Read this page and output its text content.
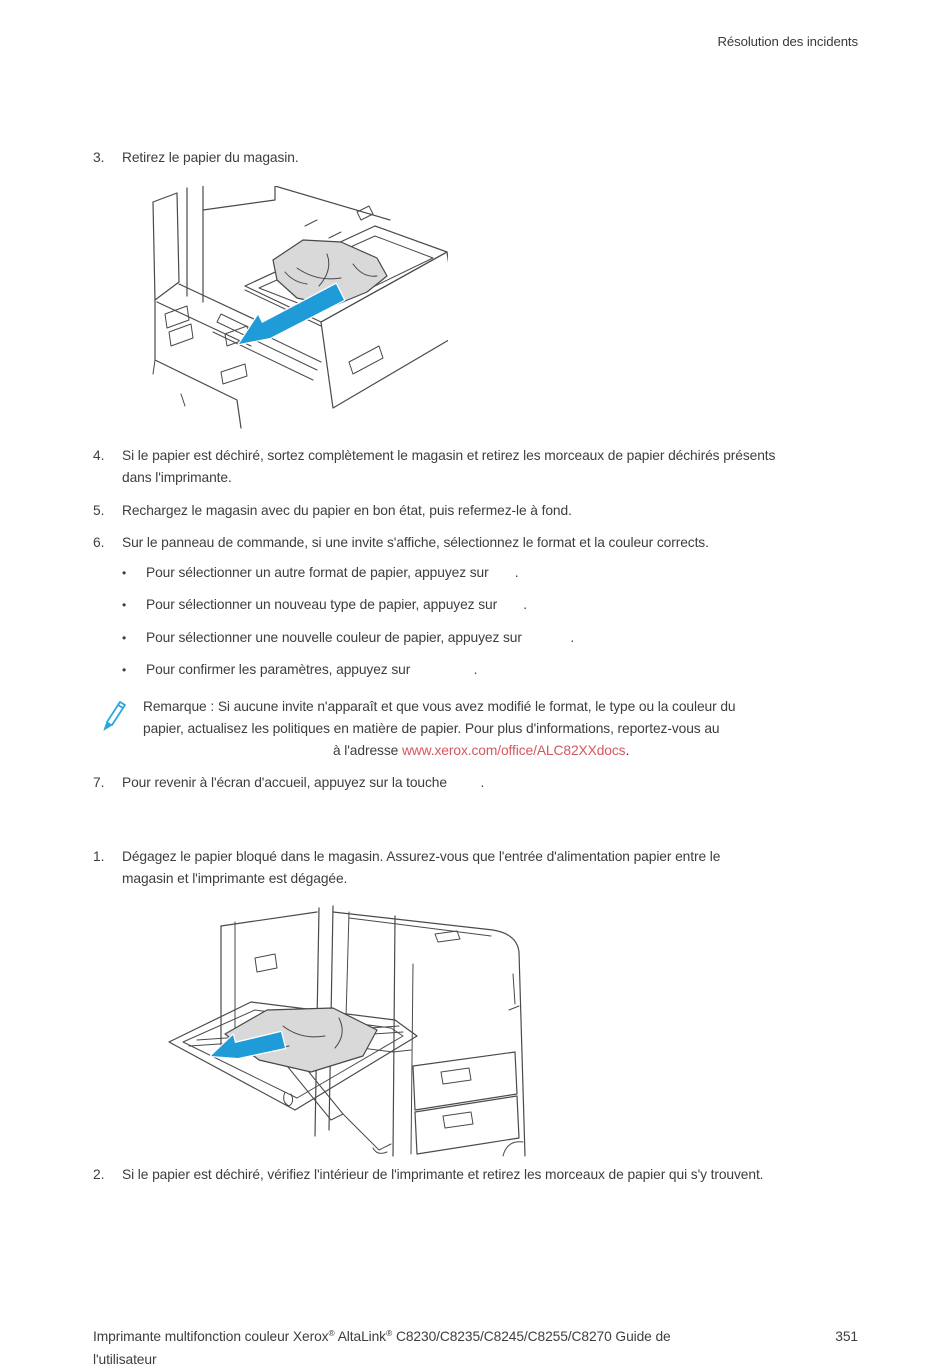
Résolution des incidents
3.	Retirez le papier du magasin.
4.	Si le papier est déchiré, sortez complètement le magasin et retirez les morceaux de papier déchirés présents
dans l'imprimante.
5.	Rechargez le magasin avec du papier en bon état, puis refermez-le à fond.
6.	Sur le panneau de commande, si une invite s'affiche, sélectionnez le format et la couleur corrects.
•	Pour sélectionner un autre format de papier, appuyez sur       .
•	Pour sélectionner un nouveau type de papier, appuyez sur       .
•	Pour sélectionner une nouvelle couleur de papier, appuyez sur             .
•	Pour confirmer les paramètres, appuyez sur                 .
Remarque : Si aucune invite n'apparaît et que vous avez modifié le format, le type ou la couleur du
papier, actualisez les politiques en matière de papier. Pour plus d'informations, reportez-vous au
à l'adresse www.xerox.com/office/ALC82XXdocs.
7.	Pour revenir à l'écran d'accueil, appuyez sur la touche         .
1.	Dégagez le papier bloqué dans le magasin. Assurez-vous que l'entrée d'alimentation papier entre le
magasin et l'imprimante est dégagée.
2.	Si le papier est déchiré, vérifiez l'intérieur de l'imprimante et retirez les morceaux de papier qui s'y trouvent.
Imprimante multifonction couleur Xerox® AltaLink® C8230/C8235/C8245/C8255/C8270 Guide de
l'utilisateur
351
